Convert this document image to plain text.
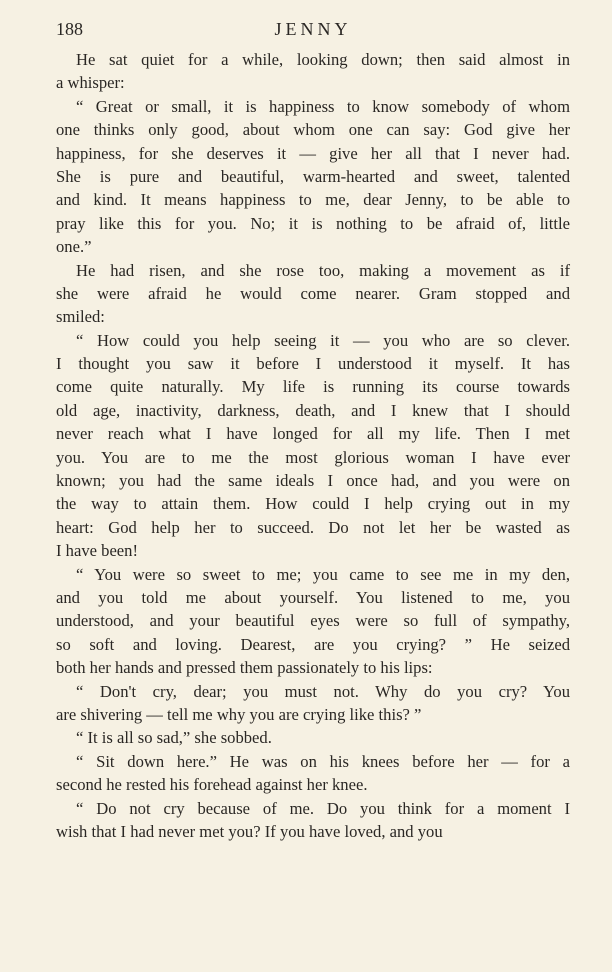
188	JENNY
He sat quiet for a while, looking down; then said almost in
a whisper:
“ Great or small, it is happiness to know somebody of whom
one thinks only good, about whom one can say: God give her
happiness, for she deserves it — give her all that I never had.
She is pure and beautiful, warm-hearted and sweet, talented
and kind. It means happiness to me, dear Jenny, to be able to
pray like this for you. No; it is nothing to be afraid of, little
one.”
He had risen, and she rose too, making a movement as if
she were afraid he would come nearer. Gram stopped and
smiled:
“ How could you help seeing it — you who are so clever.
I thought you saw it before I understood it myself. It has
come quite naturally. My life is running its course towards
old age, inactivity, darkness, death, and I knew that I should
never reach what I have longed for all my life. Then I met
you. You are to me the most glorious woman I have ever
known; you had the same ideals I once had, and you were on
the way to attain them. How could I help crying out in my
heart: God help her to succeed. Do not let her be wasted as
I have been!
“ You were so sweet to me; you came to see me in my den,
and you told me about yourself. You listened to me, you
understood, and your beautiful eyes were so full of sympathy,
so soft and loving. Dearest, are you crying? ” He seized
both her hands and pressed them passionately to his lips:
“ Don't cry, dear; you must not. Why do you cry? You
are shivering — tell me why you are crying like this? ”
“ It is all so sad,” she sobbed.
“ Sit down here.” He was on his knees before her — for a
second he rested his forehead against her knee.
“ Do not cry because of me. Do you think for a moment I
wish that I had never met you? If you have loved, and you
